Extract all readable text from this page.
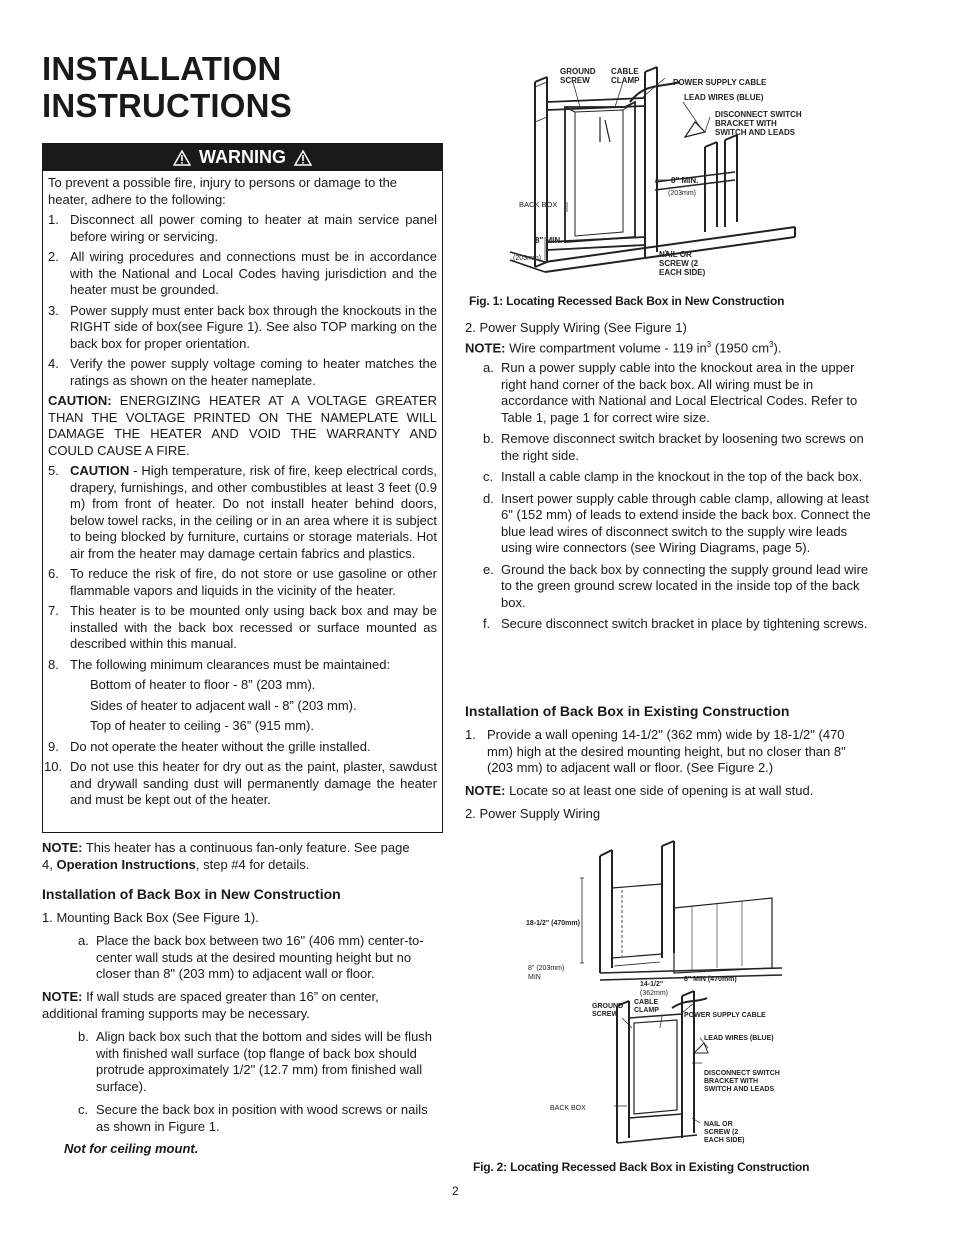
INSTALLATION
INSTRUCTIONS
WARNING

To prevent a possible fire, injury to persons or damage to the heater, adhere to the following:

1. Disconnect all power coming to heater at main service panel before wiring or servicing.
2. All wiring procedures and connections must be in accordance with the National and Local Codes having jurisdiction and the heater must be grounded.
3. Power supply must enter back box through the knockouts in the RIGHT side of box(see Figure 1). See also TOP marking on the back box for proper orientation.
4. Verify the power supply voltage coming to heater matches the ratings as shown on the heater nameplate.

CAUTION: ENERGIZING HEATER AT A VOLTAGE GREATER THAN THE VOLTAGE PRINTED ON THE NAMEPLATE WILL DAMAGE THE HEATER AND VOID THE WARRANTY AND COULD CAUSE A FIRE.

5. CAUTION - High temperature, risk of fire, keep electrical cords, drapery, furnishings, and other combustibles at least 3 feet (0.9 m) from front of heater. Do not install heater behind doors, below towel racks, in the ceiling or in an area where it is subject to being blocked by furniture, curtains or storage materials. Hot air from the heater may damage certain fabrics and plastics.
6. To reduce the risk of fire, do not store or use gasoline or other flammable vapors and liquids in the vicinity of the heater.
7. This heater is to be mounted only using back box and may be installed with the back box recessed or surface mounted as described within this manual.
8. The following minimum clearances must be maintained:
Bottom of heater to floor - 8” (203 mm).
Sides of heater to adjacent wall - 8” (203 mm).
Top of heater to ceiling - 36” (915 mm).
9. Do not operate the heater without the grille installed.
10. Do not use this heater for dry out as the paint, plaster, sawdust and drywall sanding dust will permanently damage the heater and must be kept out of the heater.
NOTE: This heater has a continuous fan-only feature. See page 4, Operation Instructions, step #4 for details.
Installation of Back Box in New Construction
1. Mounting Back Box (See Figure 1).
a. Place the back box between two 16" (406 mm) center-to-center wall studs at the desired mounting height but no closer than 8" (203 mm) to adjacent wall or floor.
NOTE: If wall studs are spaced greater than 16” on center, additional framing supports may be necessary.
b. Align back box such that the bottom and sides will be flush with finished wall surface (top flange of back box should protrude approximately 1/2" (12.7 mm) from finished wall surface).
c. Secure the back box in position with wood screws or nails as shown in Figure 1.
Not for ceiling mount.
GROUND SCREW
CABLE CLAMP	POWER SUPPLY CABLE
LEAD WIRES (BLUE)
DISCONNECT SWITCH BRACKET WITH SWITCH AND LEADS
8" MIN.
(203mm)
BACK BOX
8" MIN.
(203mm)	NAIL OR SCREW (2 EACH SIDE)
Fig. 1: Locating Recessed Back Box in New Construction
2. Power Supply Wiring (See Figure 1)
NOTE: Wire compartment volume - 119 $in^3$ (1950 $cm^3$).
a. Run a power supply cable into the knockout area in the upper right hand corner of the back box. All wiring must be in accordance with National and Local Electrical Codes. Refer to Table 1, page 1 for correct wire size.
b. Remove disconnect switch bracket by loosening two screws on the right side.
c. Install a cable clamp in the knockout in the top of the back box.
d. Insert power supply cable through cable clamp, allowing at least 6" (152 mm) of leads to extend inside the back box. Connect the blue lead wires of disconnect switch to the supply wire leads using wire connectors (see Wiring Diagrams, page 5).
e. Ground the back box by connecting the supply ground lead wire to the green ground screw located in the inside top of the back box.
f. Secure disconnect switch bracket in place by tightening screws.
Installation of Back Box in Existing Construction
1. Provide a wall opening 14-1/2" (362 mm) wide by 18-1/2" (470 mm) high at the desired mounting height, but no closer than 8" (203 mm) to adjacent wall or floor. (See Figure 2.)
NOTE: Locate so at least one side of opening is at wall stud.
2. Power Supply Wiring
18-1/2" (470mm)
8" (203mm)
MIN
14-1/2"
(362mm)
8" MIN (470mm)
GROUND SCREW
CABLE CLAMP
POWER SUPPLY CABLE
LEAD WIRES (BLUE)
DISCONNECT SWITCH BRACKET WITH SWITCH AND LEADS
BACK BOX
NAIL OR SCREW (2 EACH SIDE)
Fig. 2: Locating Recessed Back Box in Existing Construction
2
